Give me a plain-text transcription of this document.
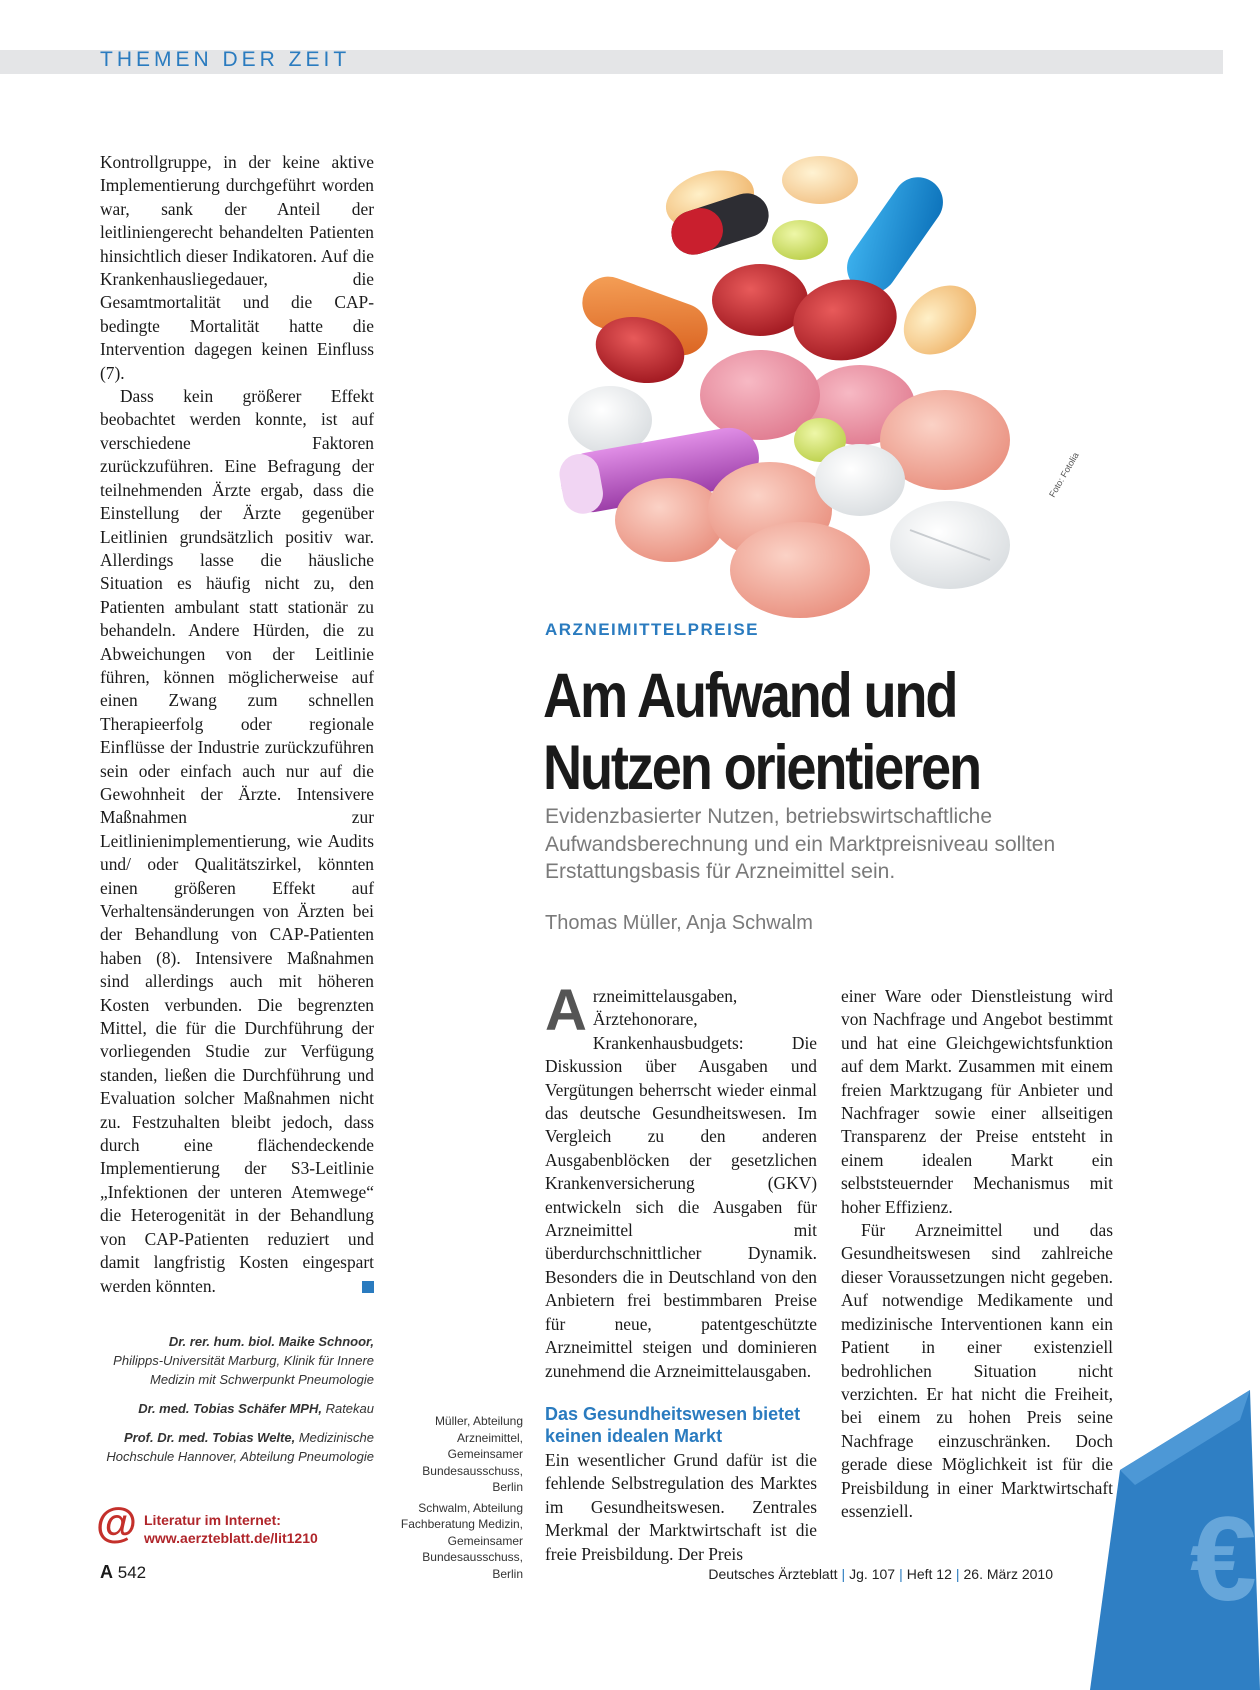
THEMEN DER ZEIT

Kontrollgruppe, in der keine aktive Implementierung durchgeführt worden war, sank der Anteil der leitliniengerecht behandelten Patienten hinsichtlich dieser Indikatoren. Auf die Krankenhausliegedauer, die Gesamtmortalität und die CAP-bedingte Mortalität hatte die Intervention dagegen keinen Einfluss (7).

Dass kein größerer Effekt beobachtet werden konnte, ist auf verschiedene Faktoren zurückzuführen. Eine Befragung der teilnehmenden Ärzte ergab, dass die Einstellung der Ärzte gegenüber Leitlinien grundsätzlich positiv war. Allerdings lasse die häusliche Situation es häufig nicht zu, den Patienten ambulant statt stationär zu behandeln. Andere Hürden, die zu Abweichungen von der Leitlinie führen, können möglicherweise auf einen Zwang zum schnellen Therapieerfolg oder regionale Einflüsse der Industrie zurückzuführen sein oder einfach auch nur auf die Gewohnheit der Ärzte. Intensivere Maßnahmen zur Leitlinienimplementierung, wie Audits und/ oder Qualitätszirkel, könnten einen größeren Effekt auf Verhaltensänderungen von Ärzten bei der Behandlung von CAP-Patienten haben (8). Intensivere Maßnahmen sind allerdings auch mit höheren Kosten verbunden. Die begrenzten Mittel, die für die Durchführung der vorliegenden Studie zur Verfügung standen, ließen die Durchführung und Evaluation solcher Maßnahmen nicht zu. Festzuhalten bleibt jedoch, dass durch eine flächendeckende Implementierung der S3-Leitlinie „Infektionen der unteren Atemwege“ die Heterogenität in der Behandlung von CAP-Patienten reduziert und damit langfristig Kosten eingespart werden könnten.

Dr. rer. hum. biol. Maike Schnoor,
Philipps-Universität Marburg, Klinik für Innere Medizin mit Schwerpunkt Pneumologie
Dr. med. Tobias Schäfer MPH, Ratekau
Prof. Dr. med. Tobias Welte, Medizinische Hochschule Hannover, Abteilung Pneumologie
@ Literatur im Internet:
www.aerzteblatt.de/lit1210
Müller, Abteilung Arzneimittel, Gemeinsamer Bundesausschuss, Berlin
Schwalm, Abteilung Fachberatung Medizin, Gemeinsamer Bundesausschuss, Berlin
Foto: Fotolia
ARZNEIMITTELPREISE
Am Aufwand und
Nutzen orientieren
Evidenzbasierter Nutzen, betriebswirtschaftliche Aufwandsberechnung und ein Marktpreisniveau sollten Erstattungsbasis für Arzneimittel sein.
Thomas Müller, Anja Schwalm

Arzneimittelausgaben, Ärztehonorare, Krankenhausbudgets: Die Diskussion über Ausgaben und Vergütungen beherrscht wieder einmal das deutsche Gesundheitswesen. Im Vergleich zu den anderen Ausgabenblöcken der gesetzlichen Krankenversicherung (GKV) entwickeln sich die Ausgaben für Arzneimittel mit überdurchschnittlicher Dynamik. Besonders die in Deutschland von den Anbietern frei bestimmbaren Preise für neue, patentgeschützte Arzneimittel steigen und dominieren zunehmend die Arzneimittelausgaben.

Das Gesundheitswesen bietet keinen idealen Markt

Ein wesentlicher Grund dafür ist die fehlende Selbstregulation des Marktes im Gesundheitswesen. Zentrales Merkmal der Marktwirtschaft ist die freie Preisbildung. Der Preis

einer Ware oder Dienstleistung wird von Nachfrage und Angebot bestimmt und hat eine Gleichgewichtsfunktion auf dem Markt. Zusammen mit einem freien Marktzugang für Anbieter und Nachfrager sowie einer allseitigen Transparenz der Preise entsteht in einem idealen Markt ein selbststeuernder Mechanismus mit hoher Effizienz.

Für Arzneimittel und das Gesundheitswesen sind zahlreiche dieser Voraussetzungen nicht gegeben. Auf notwendige Medikamente und medizinische Interventionen kann ein Patient in einer existenziell bedrohlichen Situation nicht verzichten. Er hat nicht die Freiheit, bei einem zu hohen Preis seine Nachfrage einzuschränken. Doch gerade diese Möglichkeit ist für die Preisbildung in einer Marktwirtschaft essenziell.	€
A 542	Deutsches Ärzteblatt | Jg. 107 | Heft 12 | 26. März 2010
